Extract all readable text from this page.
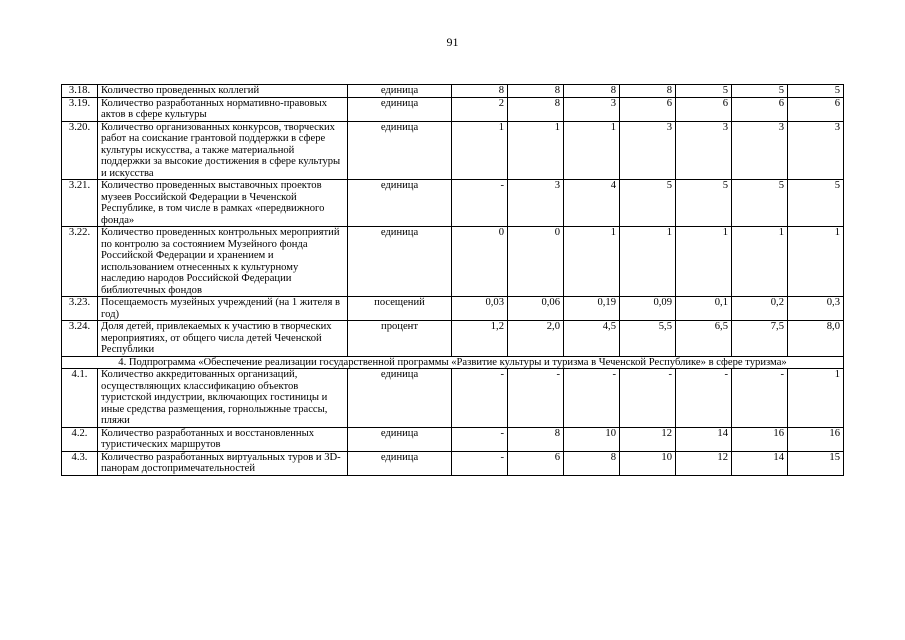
91
3.18.	Количество проведенных коллегий	единица	8	8	8	8	5	5	5
3.19.	Количество разработанных нормативно-правовых актов в сфере культуры	единица	2	8	3	6	6	6	6
3.20.	Количество организованных конкурсов, творческих работ на соискание грантовой поддержки в сфере культуры искусства, а также материальной поддержки за высокие достижения в сфере культуры и искусства	единица	1	1	1	3	3	3	3
3.21.	Количество проведенных выставочных проектов музеев Российской Федерации в Чеченской Республике, в том числе в рамках «передвижного фонда»	единица	-	3	4	5	5	5	5
3.22.	Количество проведенных контрольных мероприятий по контролю за состоянием Музейного фонда Российской Федерации и хранением и использованием отнесенных к культурному наследию народов Российской Федерации библиотечных фондов	единица	0	0	1	1	1	1	1
3.23.	Посещаемость музейных учреждений (на 1 жителя в год)	посещений	0,03	0,06	0,19	0,09	0,1	0,2	0,3
3.24.	Доля детей, привлекаемых к участию в творческих мероприятиях, от общего числа детей Чеченской Республики	процент	1,2	2,0	4,5	5,5	6,5	7,5	8,0
4. Подпрограмма «Обеспечение реализации государственной программы «Развитие культуры и туризма в Чеченской Республике» в сфере туризма»									
4.1.	Количество аккредитованных организаций, осуществляющих классификацию объектов туристской индустрии, включающих гостиницы и иные средства размещения, горнолыжные трассы, пляжи	единица	-	-	-	-	-	-	1
4.2.	Количество разработанных и восстановленных туристических маршрутов	единица	-	8	10	12	14	16	16
4.3.	Количество разработанных виртуальных туров и 3D-панорам достопримечательностей	единица	-	6	8	10	12	14	15
